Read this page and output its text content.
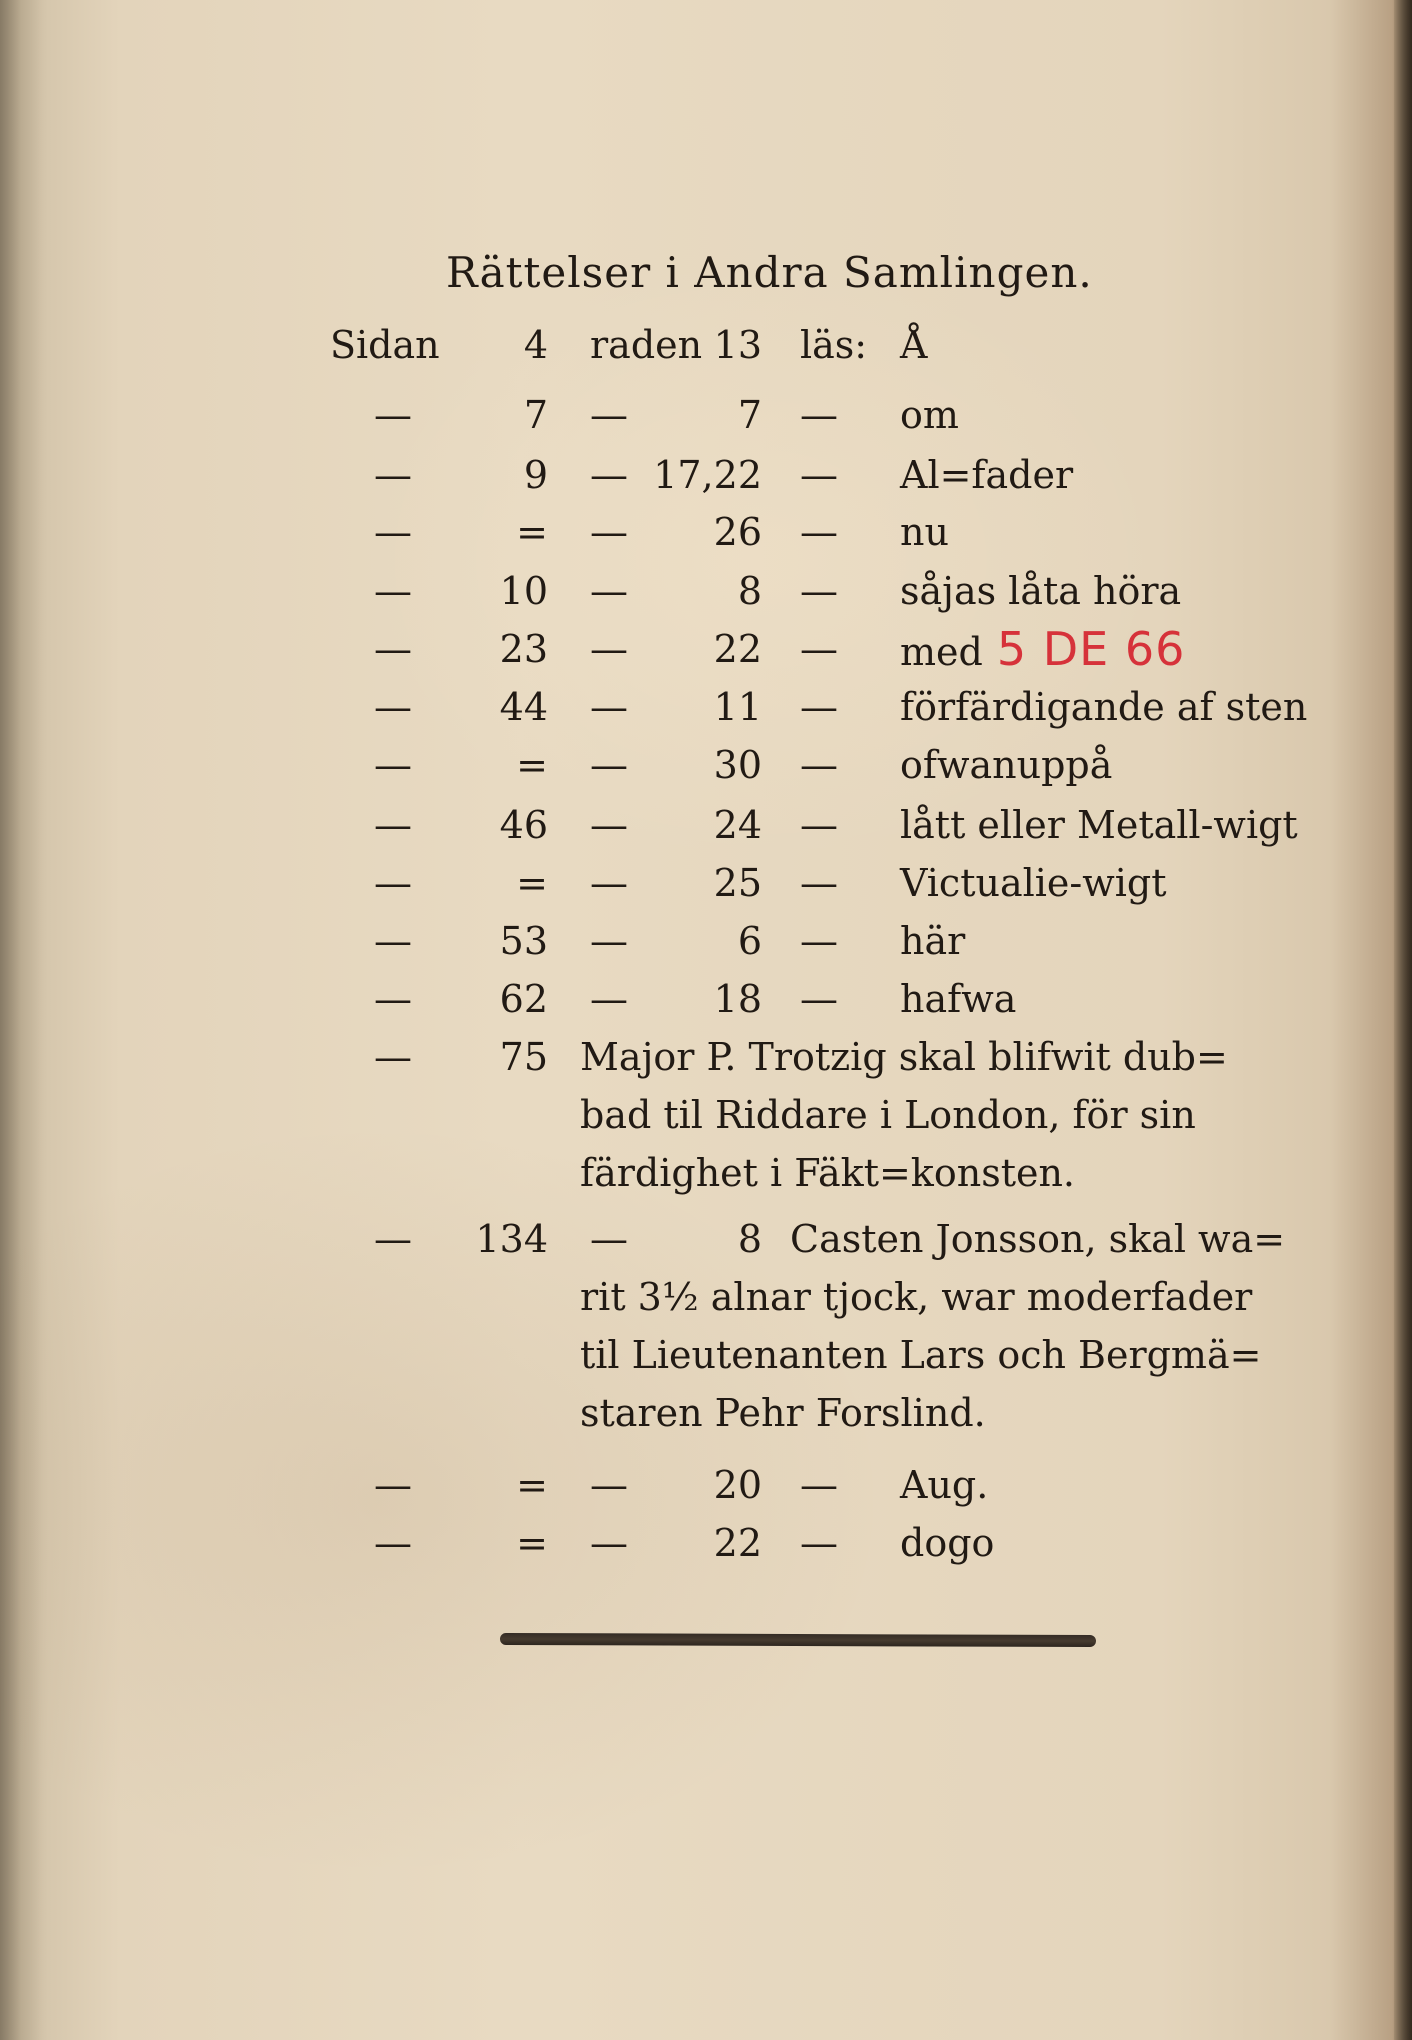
Rättelser i Andra Samlingen.
Sidan	4 raden 13 läs: Å
—	7 —	7 — om
—	9 — 17,22 — Al=fader
—	= —	26 — nu
—	10 —	8 — såjas låta höra
—	23 —	22 — med 5 DE 66
—	44 —	11 — förfärdigande af sten
—	= —	30 — ofwanuppå
—	46 —	24 — lått eller Metall-wigt
—	= —	25 — Victualie-wigt
—	53 —	6 — här
—	62 —	18 — hafwa
—	75 Major P. Trotzig skal blifwit dub=
bad til Riddare i London, för sin
färdighet i Fäkt=konsten.
—	134 —	8 Casten Jonsson, skal wa=
rit 3½ alnar tjock, war moderfader
til Lieutenanten Lars och Bergmä=
staren Pehr Forslind.
—	= —	20 — Aug.
—	= —	22 — dogo
